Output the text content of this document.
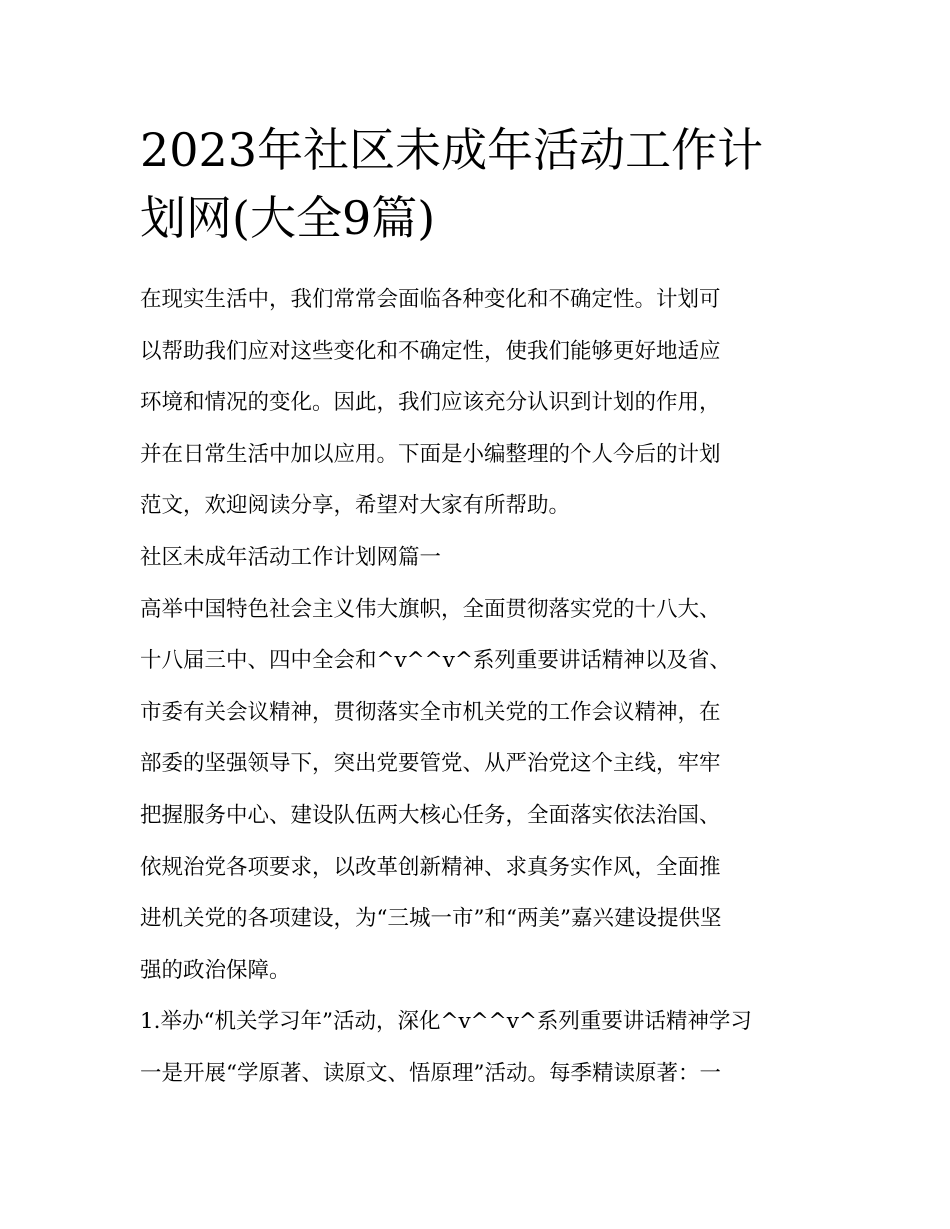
2023年社区未成年活动工作计
划网(大全9篇)
在现实生活中，我们常常会面临各种变化和不确定性。计划可
以帮助我们应对这些变化和不确定性，使我们能够更好地适应
环境和情况的变化。因此，我们应该充分认识到计划的作用，
并在日常生活中加以应用。下面是小编整理的个人今后的计划
范文，欢迎阅读分享，希望对大家有所帮助。
社区未成年活动工作计划网篇一
高举中国特色社会主义伟大旗帜，全面贯彻落实党的十八大、
十八届三中、四中全会和^v^^v^系列重要讲话精神以及省、
市委有关会议精神，贯彻落实全市机关党的工作会议精神，在
部委的坚强领导下，突出党要管党、从严治党这个主线，牢牢
把握服务中心、建设队伍两大核心任务，全面落实依法治国、
依规治党各项要求，以改革创新精神、求真务实作风，全面推
进机关党的各项建设，为“三城一市”和“两美”嘉兴建设提供坚
强的政治保障。
1.举办“机关学习年”活动，深化^v^^v^系列重要讲话精神学习
一是开展“学原著、读原文、悟原理”活动。每季精读原著：一
